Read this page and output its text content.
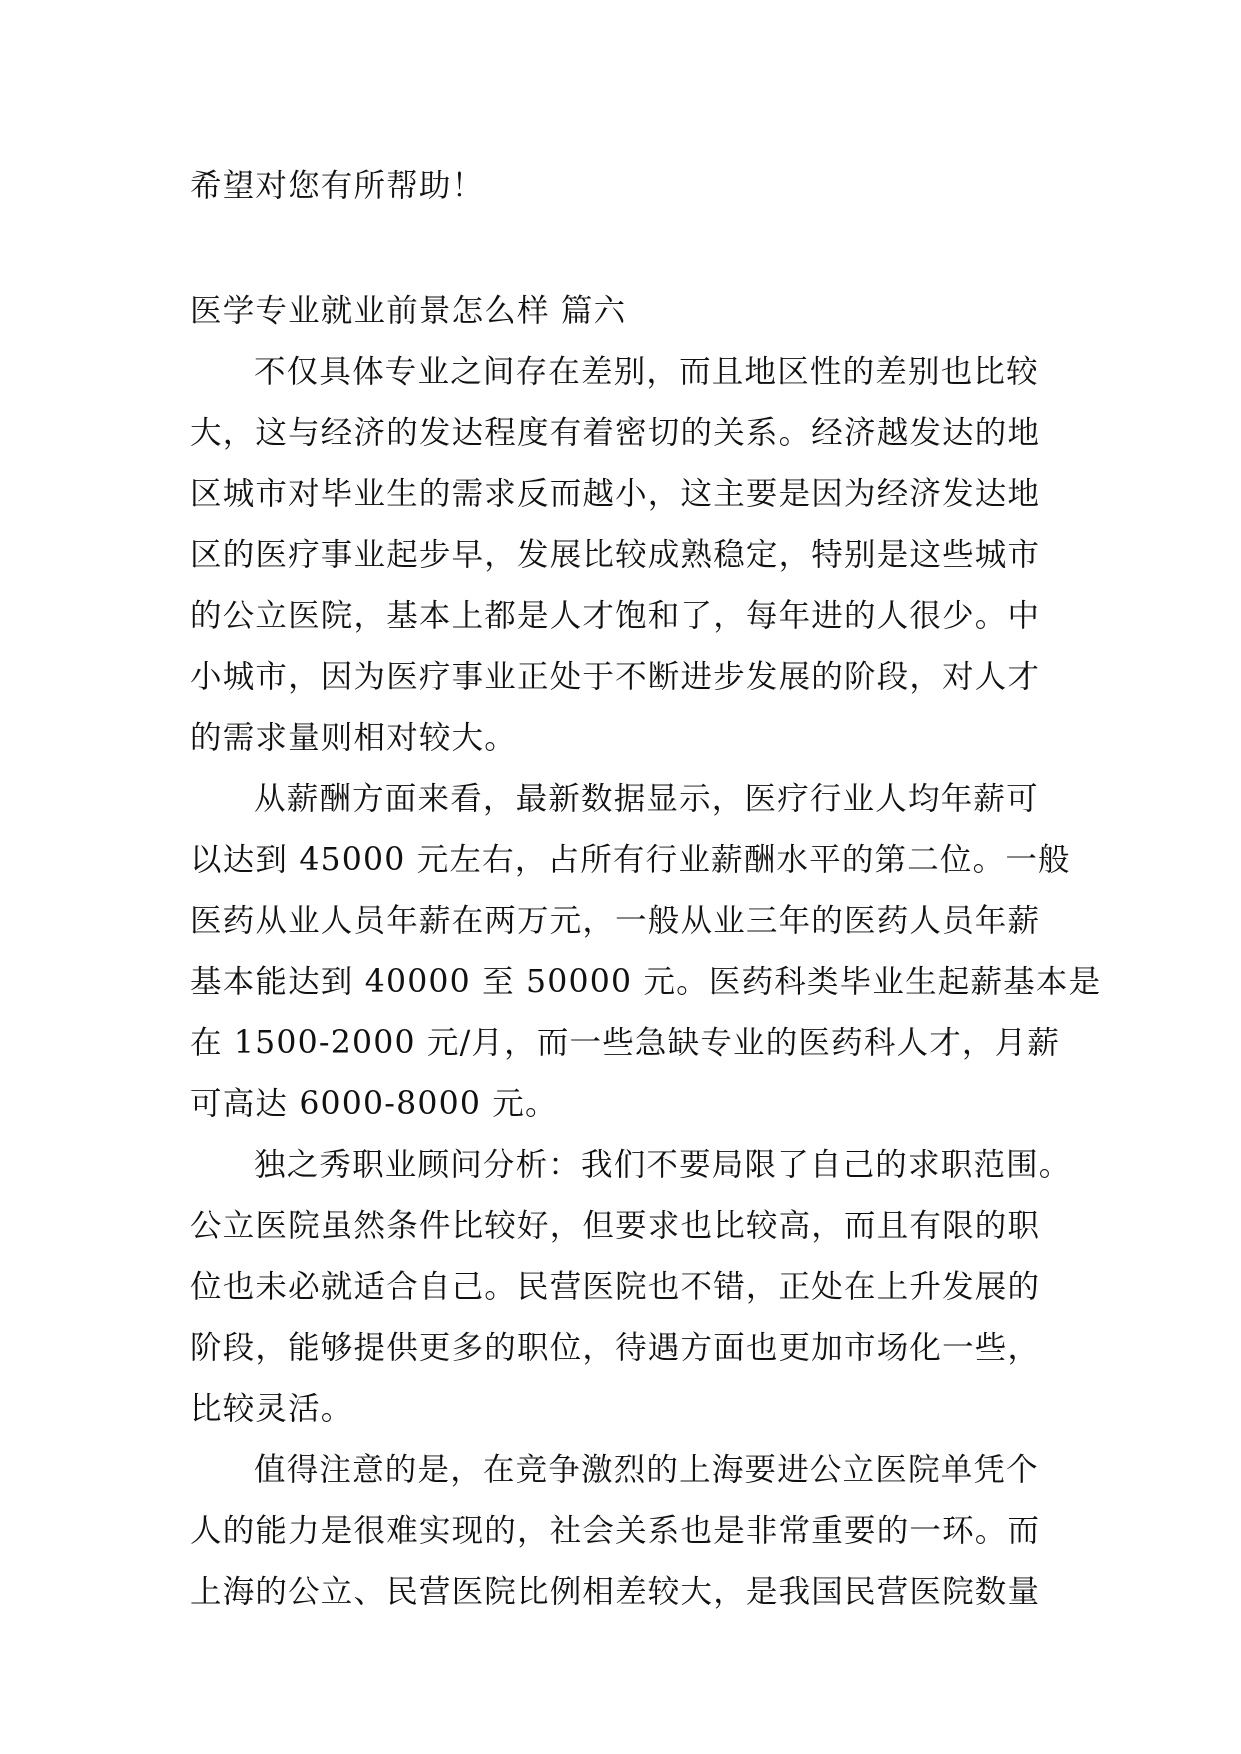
希望对您有所帮助！
医学专业就业前景怎么样 篇六
不仅具体专业之间存在差别，而且地区性的差别也比较
大，这与经济的发达程度有着密切的关系。经济越发达的地
区城市对毕业生的需求反而越小，这主要是因为经济发达地
区的医疗事业起步早，发展比较成熟稳定，特别是这些城市
的公立医院，基本上都是人才饱和了，每年进的人很少。中
小城市，因为医疗事业正处于不断进步发展的阶段，对人才
的需求量则相对较大。
从薪酬方面来看，最新数据显示，医疗行业人均年薪可
以达到 45000 元左右，占所有行业薪酬水平的第二位。一般
医药从业人员年薪在两万元，一般从业三年的医药人员年薪
基本能达到 40000 至 50000 元。医药科类毕业生起薪基本是
在 1500-2000 元/月，而一些急缺专业的医药科人才，月薪
可高达 6000-8000 元。
独之秀职业顾问分析：我们不要局限了自己的求职范围。
公立医院虽然条件比较好，但要求也比较高，而且有限的职
位也未必就适合自己。民营医院也不错，正处在上升发展的
阶段，能够提供更多的职位，待遇方面也更加市场化一些，
比较灵活。
值得注意的是，在竞争激烈的上海要进公立医院单凭个
人的能力是很难实现的，社会关系也是非常重要的一环。而
上海的公立、民营医院比例相差较大，是我国民营医院数量
